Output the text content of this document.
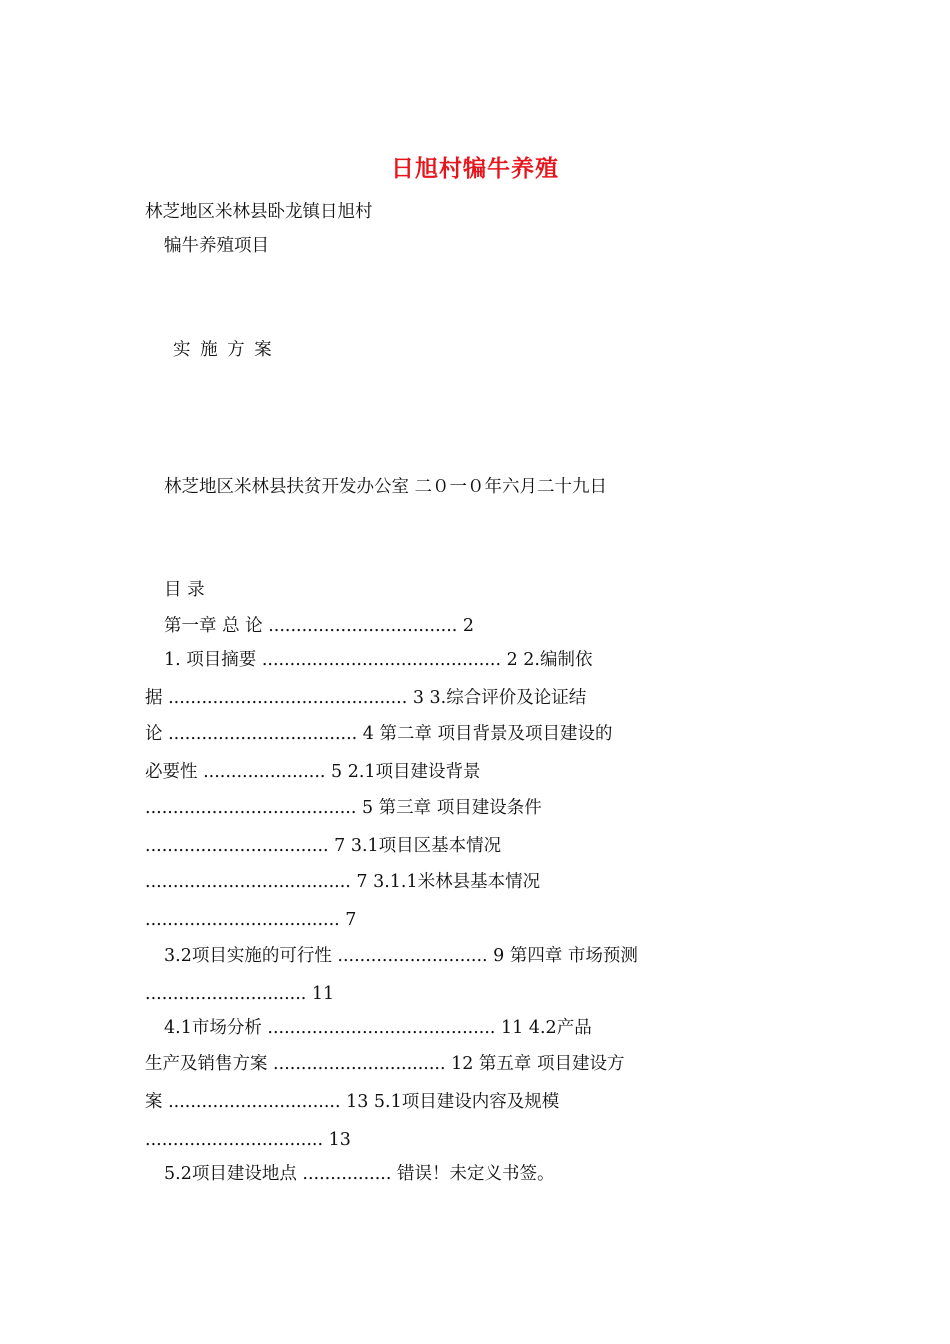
日旭村犏牛养殖
林芝地区米林县卧龙镇日旭村
犏牛养殖项目
实 施 方 案
林芝地区米林县扶贫开发办公室 二０一０年六月二十九日
目 录
第一章 总 论 .................................. 2
1. 项目摘要 ........................................... 2 2.编制依
据 ........................................... 3 3.综合评价及论证结
论 .................................. 4 第二章 项目背景及项目建设的
必要性 ...................... 5 2.1项目建设背景
...................................... 5 第三章 项目建设条件
................................. 7 3.1项目区基本情况
..................................... 7 3.1.1米林县基本情况
................................... 7
3.2项目实施的可行性 ........................... 9 第四章 市场预测
............................. 11
4.1市场分析 ......................................... 11 4.2产品
生产及销售方案 ............................... 12 第五章 项目建设方
案 ............................... 13 5.1项目建设内容及规模
................................ 13
5.2项目建设地点 ................ 错误！未定义书签。
